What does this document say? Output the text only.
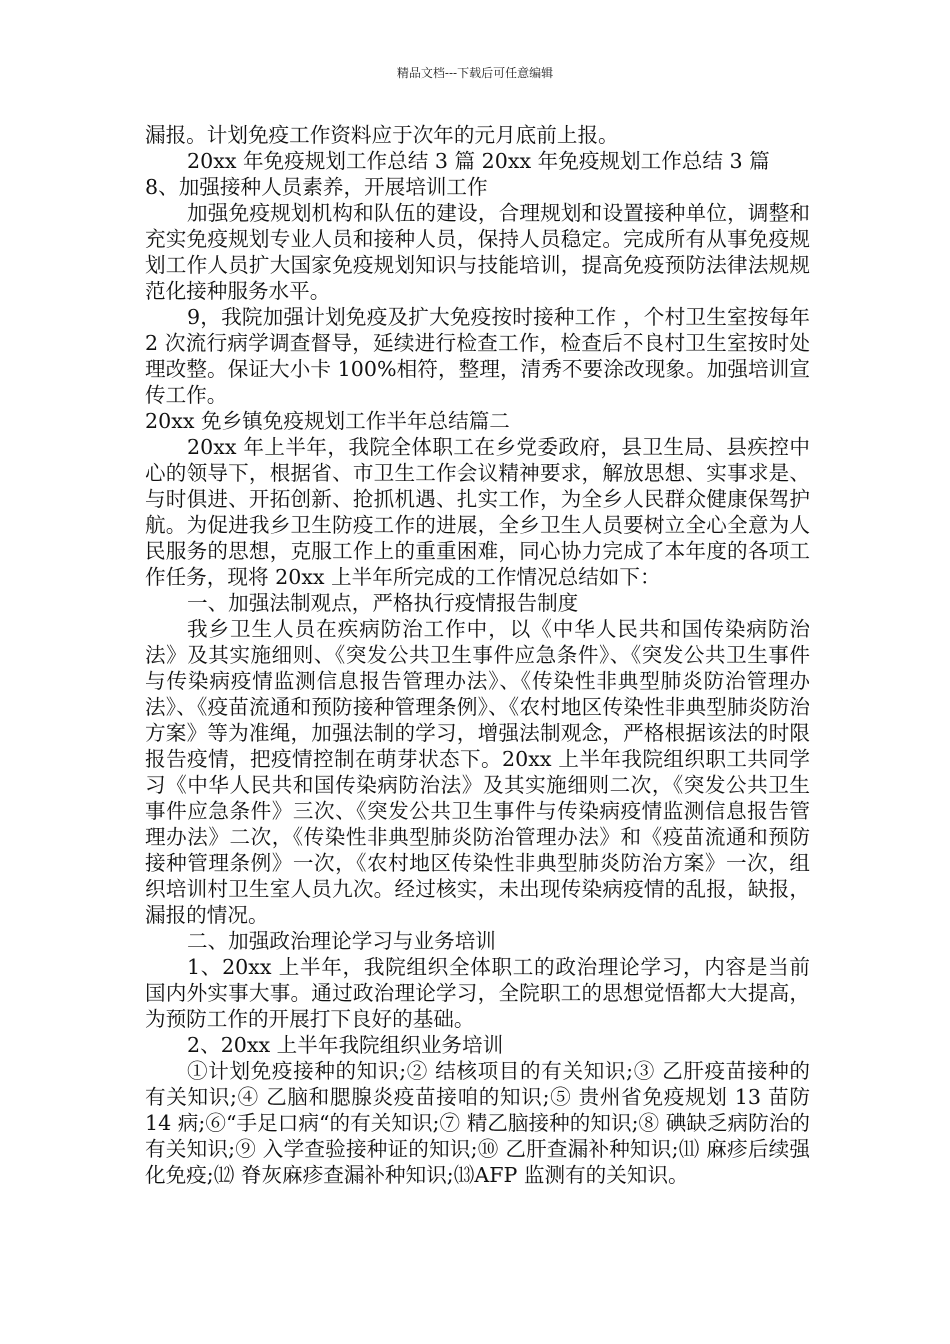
精品文档---下载后可任意编辑

漏报。计划免疫工作资料应于次年的元月底前上报。

20xx 年免疫规划工作总结 3 篇 20xx 年免疫规划工作总结 3 篇

8、加强接种人员素养，开展培训工作

加强免疫规划机构和队伍的建设，合理规划和设置接种单位，调整和充实免疫规划专业人员和接种人员，保持人员稳定。完成所有从事免疫规划工作人员扩大国家免疫规划知识与技能培训，提高免疫预防法律法规规范化接种服务水平。

9，我院加强计划免疫及扩大免疫按时接种工作 ，个村卫生室按每年 2 次流行病学调查督导，延续进行检查工作，检查后不良村卫生室按时处理改整。保证大小卡 100%相符，整理，清秀不要涂改现象。加强培训宣传工作。

20xx 免乡镇免疫规划工作半年总结篇二

20xx 年上半年，我院全体职工在乡党委政府，县卫生局、县疾控中心的领导下，根据省、市卫生工作会议精神要求，解放思想、实事求是、与时俱进、开拓创新、抢抓机遇、扎实工作，为全乡人民群众健康保驾护航。为促进我乡卫生防疫工作的进展，全乡卫生人员要树立全心全意为人民服务的思想，克服工作上的重重困难，同心协力完成了本年度的各项工作任务，现将 20xx 上半年所完成的工作情况总结如下：

一、加强法制观点，严格执行疫情报告制度

我乡卫生人员在疾病防治工作中，以《中华人民共和国传染病防治法》及其实施细则、《突发公共卫生事件应急条件》、《突发公共卫生事件与传染病疫情监测信息报告管理办法》、《传染性非典型肺炎防治管理办法》、《疫苗流通和预防接种管理条例》、《农村地区传染性非典型肺炎防治方案》等为准绳，加强法制的学习，增强法制观念，严格根据该法的时限报告疫情，把疫情控制在萌芽状态下。20xx 上半年我院组织职工共同学习《中华人民共和国传染病防治法》及其实施细则二次，《突发公共卫生事件应急条件》三次、《突发公共卫生事件与传染病疫情监测信息报告管理办法》二次，《传染性非典型肺炎防治管理办法》和《疫苗流通和预防接种管理条例》一次，《农村地区传染性非典型肺炎防治方案》一次，组织培训村卫生室人员九次。经过核实，未出现传染病疫情的乱报，缺报，漏报的情况。

二、加强政治理论学习与业务培训

1、20xx 上半年，我院组织全体职工的政治理论学习，内容是当前国内外实事大事。通过政治理论学习，全院职工的思想觉悟都大大提高，为预防工作的开展打下良好的基础。

2、20xx 上半年我院组织业务培训

①计划免疫接种的知识;② 结核项目的有关知识;③ 乙肝疫苗接种的有关知识;④ 乙脑和腮腺炎疫苗接咱的知识;⑤ 贵州省免疫规划 13 苗防 14 病;⑥“手足口病“的有关知识;⑦ 精乙脑接种的知识;⑧ 碘缺乏病防治的有关知识;⑨ 入学查验接种证的知识;⑩ 乙肝查漏补种知识;⑾ 麻疹后续强化免疫;⑿ 脊灰麻疹查漏补种知识;⒀AFP 监测有的关知识。
